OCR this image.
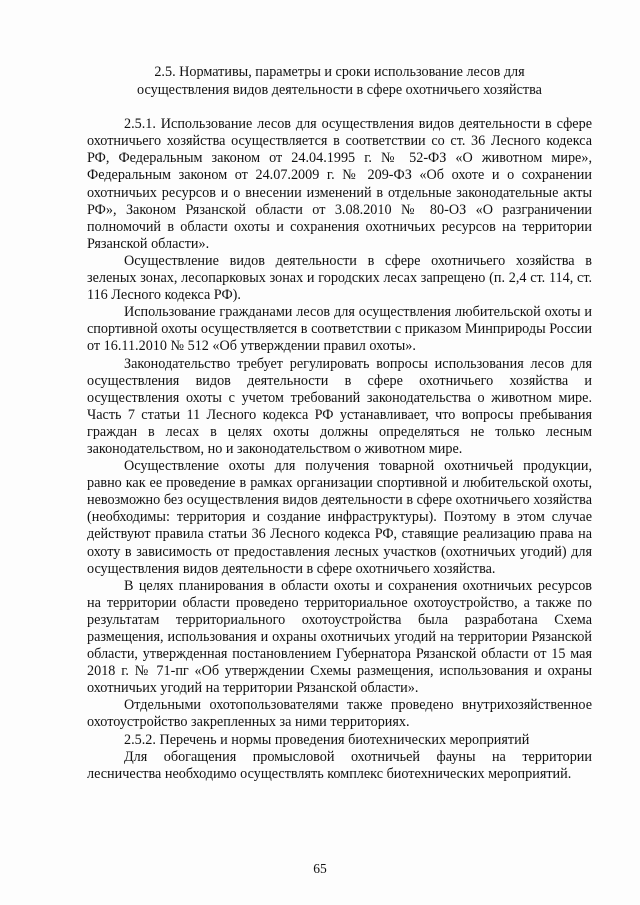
2.5. Нормативы, параметры и сроки использование лесов для осуществления видов деятельности в сфере охотничьего хозяйства

2.5.1. Использование лесов для осуществления видов деятельности в сфере охотничьего хозяйства осуществляется в соответствии со ст. 36 Лесного кодекса РФ, Федеральным законом от 24.04.1995 г. № 52-ФЗ «О животном мире», Федеральным законом от 24.07.2009 г. № 209-ФЗ «Об охоте и о сохранении охотничьих ресурсов и о внесении изменений в отдельные законодательные акты РФ», Законом Рязанской области от 3.08.2010 № 80-ОЗ «О разграничении полномочий в области охоты и сохранения охотничьих ресурсов на территории Рязанской области».

Осуществление видов деятельности в сфере охотничьего хозяйства в зеленых зонах, лесопарковых зонах и городских лесах запрещено (п. 2,4 ст. 114, ст. 116 Лесного кодекса РФ).

Использование гражданами лесов для осуществления любительской охоты и спортивной охоты осуществляется в соответствии с приказом Минприроды России от 16.11.2010 № 512 «Об утверждении правил охоты».

Законодательство требует регулировать вопросы использования лесов для осуществления видов деятельности в сфере охотничьего хозяйства и осуществления охоты с учетом требований законодательства о животном мире. Часть 7 статьи 11 Лесного кодекса РФ устанавливает, что вопросы пребывания граждан в лесах в целях охоты должны определяться не только лесным законодательством, но и законодательством о животном мире.

Осуществление охоты для получения товарной охотничьей продукции, равно как ее проведение в рамках организации спортивной и любительской охоты, невозможно без осуществления видов деятельности в сфере охотничьего хозяйства (необходимы: территория и создание инфраструктуры). Поэтому в этом случае действуют правила статьи 36 Лесного кодекса РФ, ставящие реализацию права на охоту в зависимость от предоставления лесных участков (охотничьих угодий) для осуществления видов деятельности в сфере охотничьего хозяйства.

В целях планирования в области охоты и сохранения охотничьих ресурсов на территории области проведено территориальное охотоустройство, а также по результатам территориального охотоустройства была разработана Схема размещения, использования и охраны охотничьих угодий на территории Рязанской области, утвержденная постановлением Губернатора Рязанской области от 15 мая 2018 г. № 71-пг «Об утверждении Схемы размещения, использования и охраны охотничьих угодий на территории Рязанской области».

Отдельными охотопользователями также проведено внутрихозяйственное охотоустройство закрепленных за ними территориях.

2.5.2. Перечень и нормы проведения биотехнических мероприятий

Для обогащения промысловой охотничьей фауны на территории лесничества необходимо осуществлять комплекс биотехнических мероприятий.

65
